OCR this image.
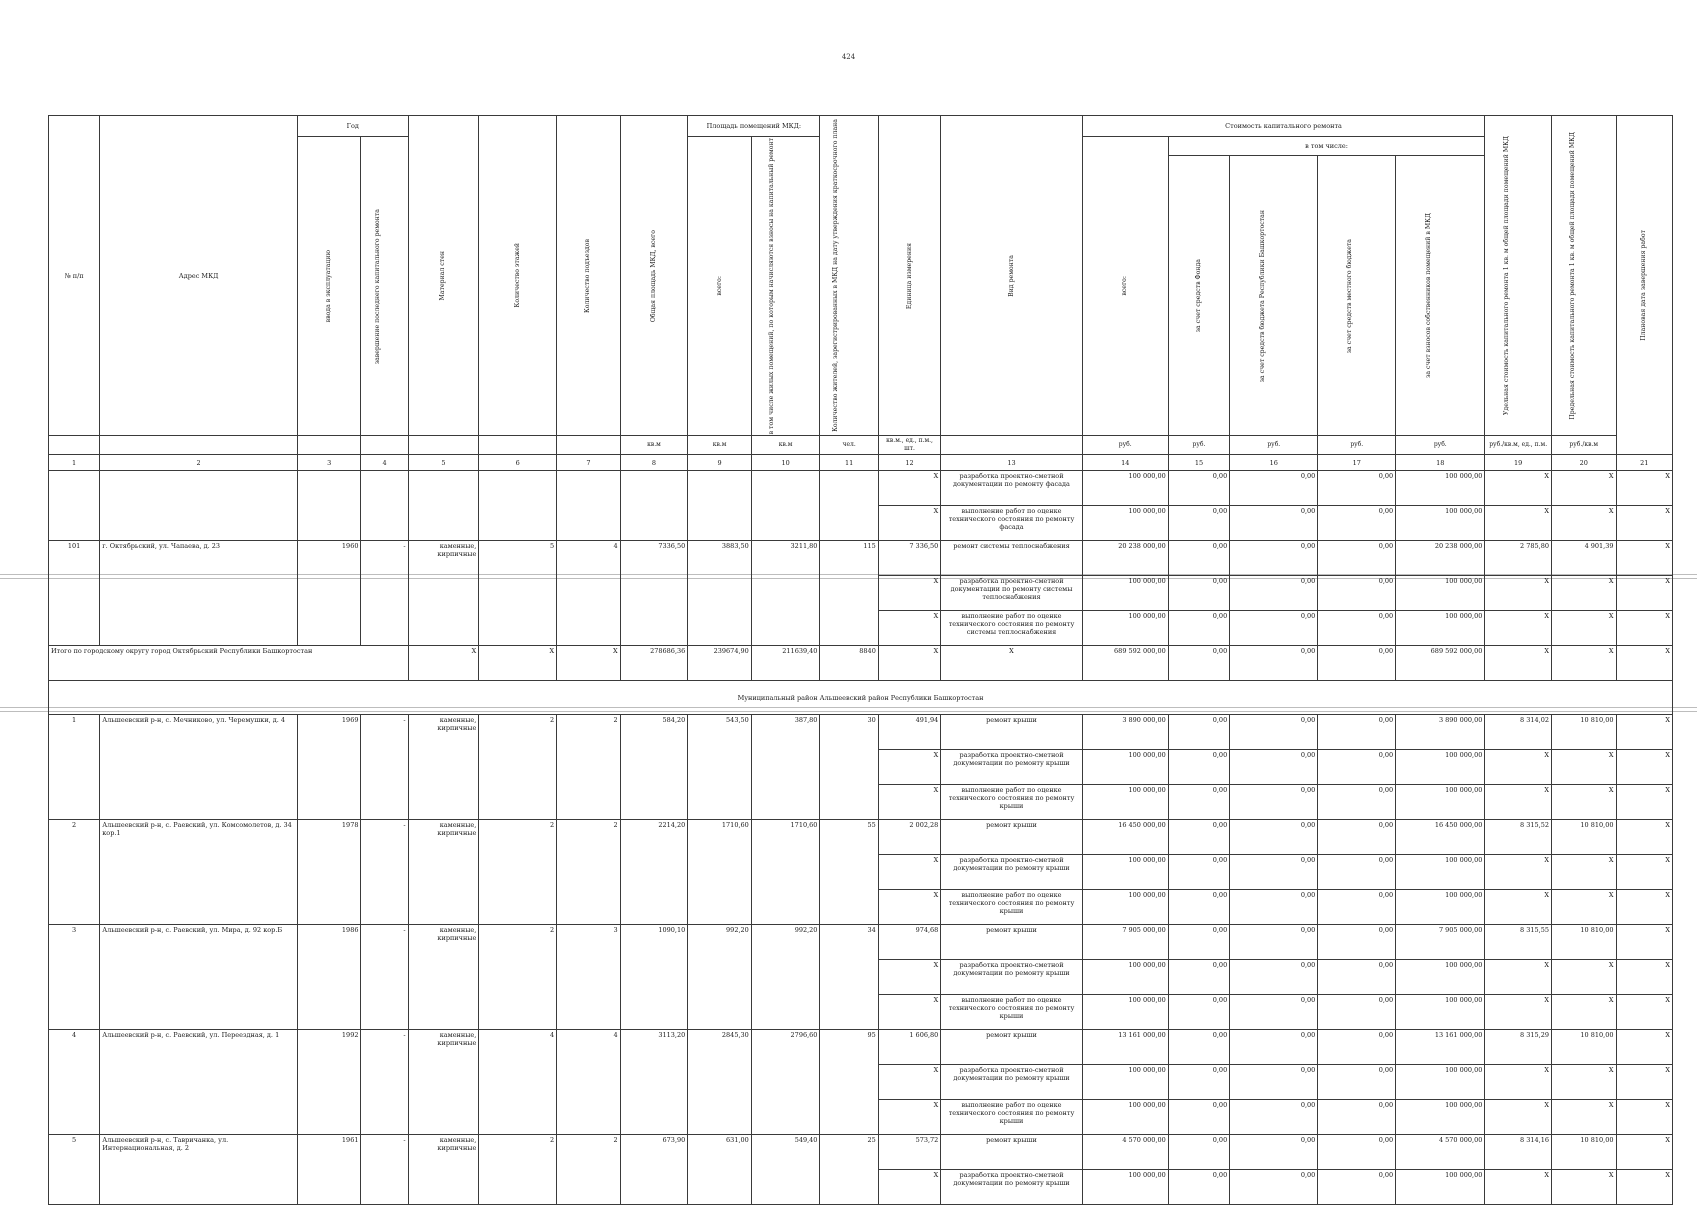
424
№ п/п	Адрес МКД	Год		Материал стен	Количество этажей	Количество подъездов	Общая площадь МКД, всего	Площадь помещений МКД:		Количество жителей, зарегистрированных в МКД на дату утверждения краткосрочного плана	Единица измерения	Вид ремонта	Стоимость капитального ремонта					Удельная стоимость капитального ремонта 1 кв. м общей площади помещений МКД	Предельная стоимость капитального ремонта 1 кв. м общей площади помещений МКД	Плановая дата завершения работ

		ввода в эксплуатацию	завершение последнего капитального ремонта					всего:	в том числе жилых помещений, по которым начисляются взносы на капитальный ремонт				всего:	в том числе:						

														за счет средств Фонда	за счет средств бюджета Республики Башкортостан	за счет средств местного бюджета	за счет взносов собственников помещений в МКД			

							кв.м	кв.м	кв.м	чел.	кв.м., ед., п.м., шт.		руб.	руб.	руб.	руб.	руб.	руб./кв.м, ед., п.м.	руб./кв.м	
1	2	3	4	5	6	7	8	9	10	11	12	13	14	15	16	17	18	19	20	21
											X	разработка проектно-сметной документации по ремонту фасада	100 000,00	0,00	0,00	0,00	100 000,00	X	X	X
											X	выполнение работ по оценке технического состояния по ремонту фасада	100 000,00	0,00	0,00	0,00	100 000,00	X	X	X
101	г. Октябрьский, ул. Чапаева, д. 23	1960	-	каменные, кирпичные	5	4	7336,50	3883,50	3211,80	115	7 336,50	ремонт системы теплоснабжения	20 238 000,00	0,00	0,00	0,00	20 238 000,00	2 785,80	4 901,39	X
											X	разработка проектно-сметной документации по ремонту системы теплоснабжения	100 000,00	0,00	0,00	0,00	100 000,00	X	X	X
											X	выполнение работ по оценке технического состояния по ремонту системы теплоснабжения	100 000,00	0,00	0,00	0,00	100 000,00	X	X	X
Итого по городскому округу город Октябрьский Республики Башкортостан				X	X	X	278686,36	239674,90	211639,40	8840	X	X	689 592 000,00	0,00	0,00	0,00	689 592 000,00	X	X	X
Муниципальный район Альшеевский район Республики Башкортостан																				
1	Альшеевский р-н, с. Мечниково, ул. Черемушки, д. 4	1969	-	каменные, кирпичные	2	2	584,20	543,50	387,80	30	491,94	ремонт крыши	3 890 000,00	0,00	0,00	0,00	3 890 000,00	8 314,02	10 810,00	X
											X	разработка проектно-сметной документации по ремонту крыши	100 000,00	0,00	0,00	0,00	100 000,00	X	X	X
											X	выполнение работ по оценке технического состояния по ремонту крыши	100 000,00	0,00	0,00	0,00	100 000,00	X	X	X
2	Альшеевский р-н, с. Раевский, ул. Комсомолетов, д. 34 кор.1	1978	-	каменные, кирпичные	2	2	2214,20	1710,60	1710,60	55	2 002,28	ремонт крыши	16 450 000,00	0,00	0,00	0,00	16 450 000,00	8 315,52	10 810,00	X
											X	разработка проектно-сметной документации по ремонту крыши	100 000,00	0,00	0,00	0,00	100 000,00	X	X	X
											X	выполнение работ по оценке технического состояния по ремонту крыши	100 000,00	0,00	0,00	0,00	100 000,00	X	X	X
3	Альшеевский р-н, с. Раевский, ул. Мира, д. 92 кор.Б	1986	-	каменные, кирпичные	2	3	1090,10	992,20	992,20	34	974,68	ремонт крыши	7 905 000,00	0,00	0,00	0,00	7 905 000,00	8 315,55	10 810,00	X
											X	разработка проектно-сметной документации по ремонту крыши	100 000,00	0,00	0,00	0,00	100 000,00	X	X	X
											X	выполнение работ по оценке технического состояния по ремонту крыши	100 000,00	0,00	0,00	0,00	100 000,00	X	X	X
4	Альшеевский р-н, с. Раевский, ул. Переездная, д. 1	1992	-	каменные, кирпичные	4	4	3113,20	2845,30	2796,60	95	1 606,80	ремонт крыши	13 161 000,00	0,00	0,00	0,00	13 161 000,00	8 315,29	10 810,00	X
											X	разработка проектно-сметной документации по ремонту крыши	100 000,00	0,00	0,00	0,00	100 000,00	X	X	X
											X	выполнение работ по оценке технического состояния по ремонту крыши	100 000,00	0,00	0,00	0,00	100 000,00	X	X	X
5	Альшеевский р-н, с. Тавричанка, ул. Интернациональная, д. 2	1961	-	каменные, кирпичные	2	2	673,90	631,00	549,40	25	573,72	ремонт крыши	4 570 000,00	0,00	0,00	0,00	4 570 000,00	8 314,16	10 810,00	X
											X	разработка проектно-сметной документации по ремонту крыши	100 000,00	0,00	0,00	0,00	100 000,00	X	X	X
